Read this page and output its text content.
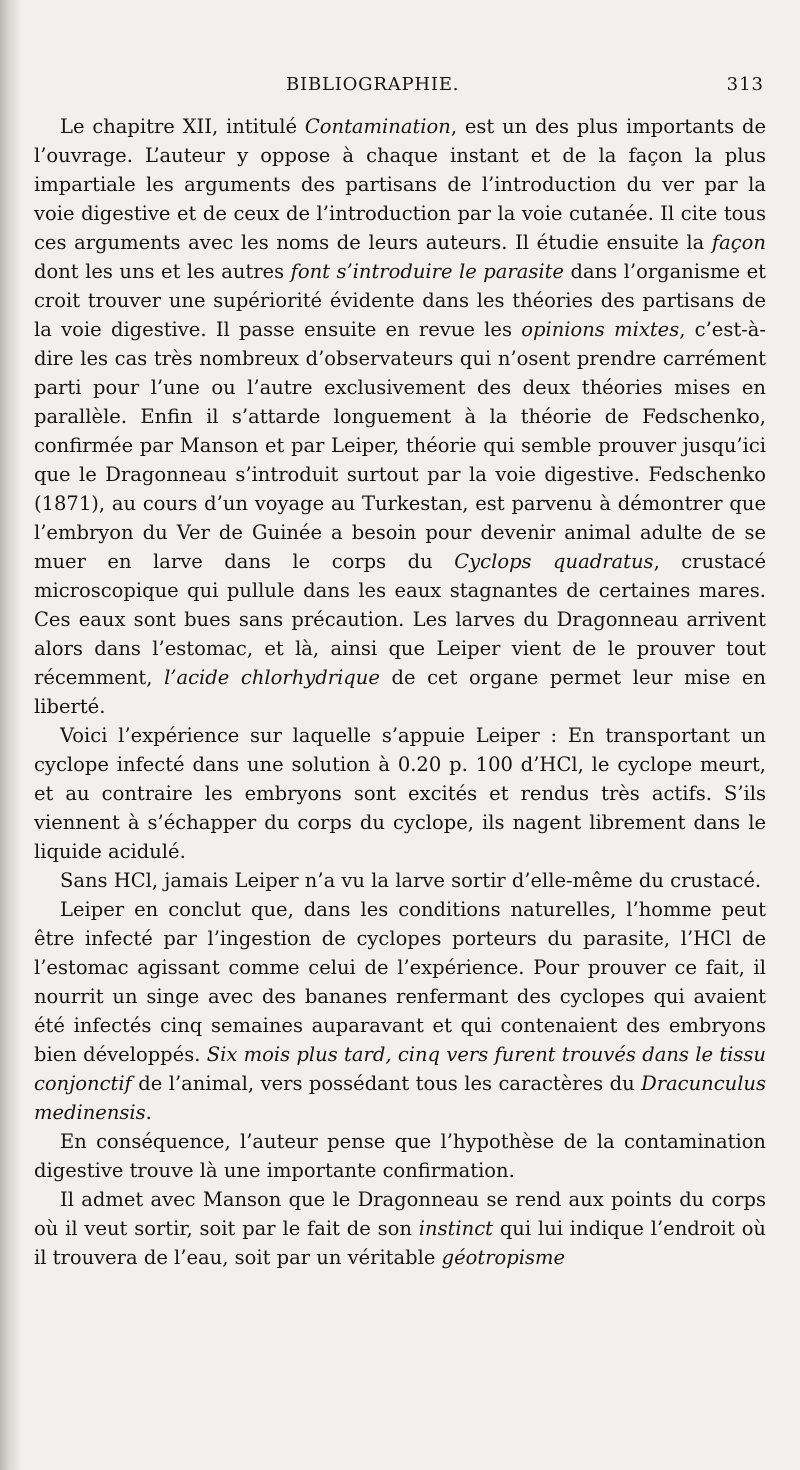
BIBLIOGRAPHIE.	313

Le chapitre XII, intitulé Contamination, est un des plus importants de l’ouvrage. L’auteur y oppose à chaque instant et de la façon la plus impartiale les arguments des partisans de l’introduction du ver par la voie digestive et de ceux de l’introduction par la voie cutanée. Il cite tous ces arguments avec les noms de leurs auteurs. Il étudie ensuite la façon dont les uns et les autres font s’introduire le parasite dans l’organisme et croit trouver une supériorité évidente dans les théories des partisans de la voie digestive. Il passe ensuite en revue les opinions mixtes, c’est-à-dire les cas très nombreux d’observateurs qui n’osent prendre carrément parti pour l’une ou l’autre exclusivement des deux théories mises en parallèle. Enfin il s’attarde longuement à la théorie de Fedschenko, confirmée par Manson et par Leiper, théorie qui semble prouver jusqu’ici que le Dragonneau s’introduit surtout par la voie digestive. Fedschenko (1871), au cours d’un voyage au Turkestan, est parvenu à démontrer que l’embryon du Ver de Guinée a besoin pour devenir animal adulte de se muer en larve dans le corps du Cyclops quadratus, crustacé microscopique qui pullule dans les eaux stagnantes de certaines mares. Ces eaux sont bues sans précaution. Les larves du Dragonneau arrivent alors dans l’estomac, et là, ainsi que Leiper vient de le prouver tout récemment, l’acide chlorhydrique de cet organe permet leur mise en liberté.

Voici l’expérience sur laquelle s’appuie Leiper : En transportant un cyclope infecté dans une solution à 0.20 p. 100 d’HCl, le cyclope meurt, et au contraire les embryons sont excités et rendus très actifs. S’ils viennent à s’échapper du corps du cyclope, ils nagent librement dans le liquide acidulé.

Sans HCl, jamais Leiper n’a vu la larve sortir d’elle-même du crustacé.

Leiper en conclut que, dans les conditions naturelles, l’homme peut être infecté par l’ingestion de cyclopes porteurs du parasite, l’HCl de l’estomac agissant comme celui de l’expérience. Pour prouver ce fait, il nourrit un singe avec des bananes renfermant des cyclopes qui avaient été infectés cinq semaines auparavant et qui contenaient des embryons bien développés. Six mois plus tard, cinq vers furent trouvés dans le tissu conjonctif de l’animal, vers possédant tous les caractères du Dracunculus medinensis.

En conséquence, l’auteur pense que l’hypothèse de la contamination digestive trouve là une importante confirmation.

Il admet avec Manson que le Dragonneau se rend aux points du corps où il veut sortir, soit par le fait de son instinct qui lui indique l’endroit où il trouvera de l’eau, soit par un véritable géotropisme
